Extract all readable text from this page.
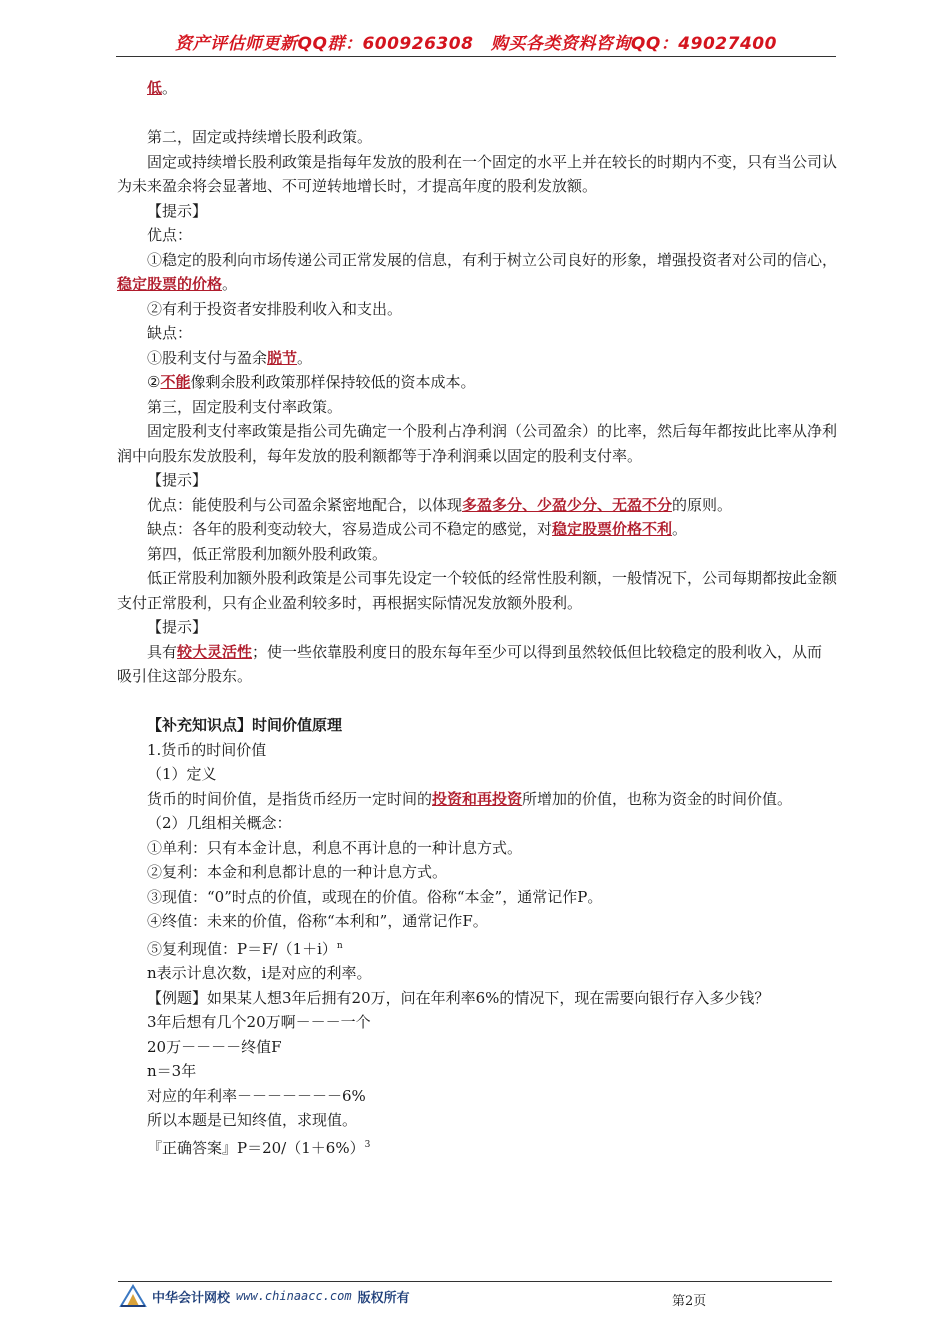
资产评估师更新QQ群：600926308　购买各类资料咨询QQ：49027400

低。

第二，固定或持续增长股利政策。

固定或持续增长股利政策是指每年发放的股利在一个固定的水平上并在较长的时期内不变，只有当公司认为未来盈余将会显著地、不可逆转地增长时，才提高年度的股利发放额。

【提示】

优点：

①稳定的股利向市场传递公司正常发展的信息，有利于树立公司良好的形象，增强投资者对公司的信心，稳定股票的价格。

②有利于投资者安排股利收入和支出。

缺点：

①股利支付与盈余脱节。

②不能像剩余股利政策那样保持较低的资本成本。

第三，固定股利支付率政策。

固定股利支付率政策是指公司先确定一个股利占净利润（公司盈余）的比率，然后每年都按此比率从净利润中向股东发放股利，每年发放的股利额都等于净利润乘以固定的股利支付率。

【提示】

优点：能使股利与公司盈余紧密地配合，以体现多盈多分、少盈少分、无盈不分的原则。

缺点：各年的股利变动较大，容易造成公司不稳定的感觉，对稳定股票价格不利。

第四，低正常股利加额外股利政策。

低正常股利加额外股利政策是公司事先设定一个较低的经常性股利额，一般情况下，公司每期都按此金额支付正常股利，只有企业盈利较多时，再根据实际情况发放额外股利。

【提示】

具有较大灵活性；使一些依靠股利度日的股东每年至少可以得到虽然较低但比较稳定的股利收入，从而吸引住这部分股东。

【补充知识点】时间价值原理

1.货币的时间价值

（1）定义

货币的时间价值，是指货币经历一定时间的投资和再投资所增加的价值，也称为资金的时间价值。

（2）几组相关概念：

①单利：只有本金计息，利息不再计息的一种计息方式。

②复利：本金和利息都计息的一种计息方式。

③现值：“0”时点的价值，或现在的价值。俗称“本金”，通常记作P。

④终值：未来的价值，俗称“本利和”，通常记作F。

⑤复利现值：$P=F/(1+i)^n$

n表示计息次数，i是对应的利率。

【例题】如果某人想3年后拥有20万，问在年利率6%的情况下，现在需要向银行存入多少钱？

3年后想有几个20万啊－－－一个

20万－－－－终值F

n＝3年

对应的年利率－－－－－－－6%

所以本题是已知终值，求现值。

『正确答案』$P=20/(1+6\%)^3$

中华会计网校 www.chinaacc.com 版权所有	第2页
